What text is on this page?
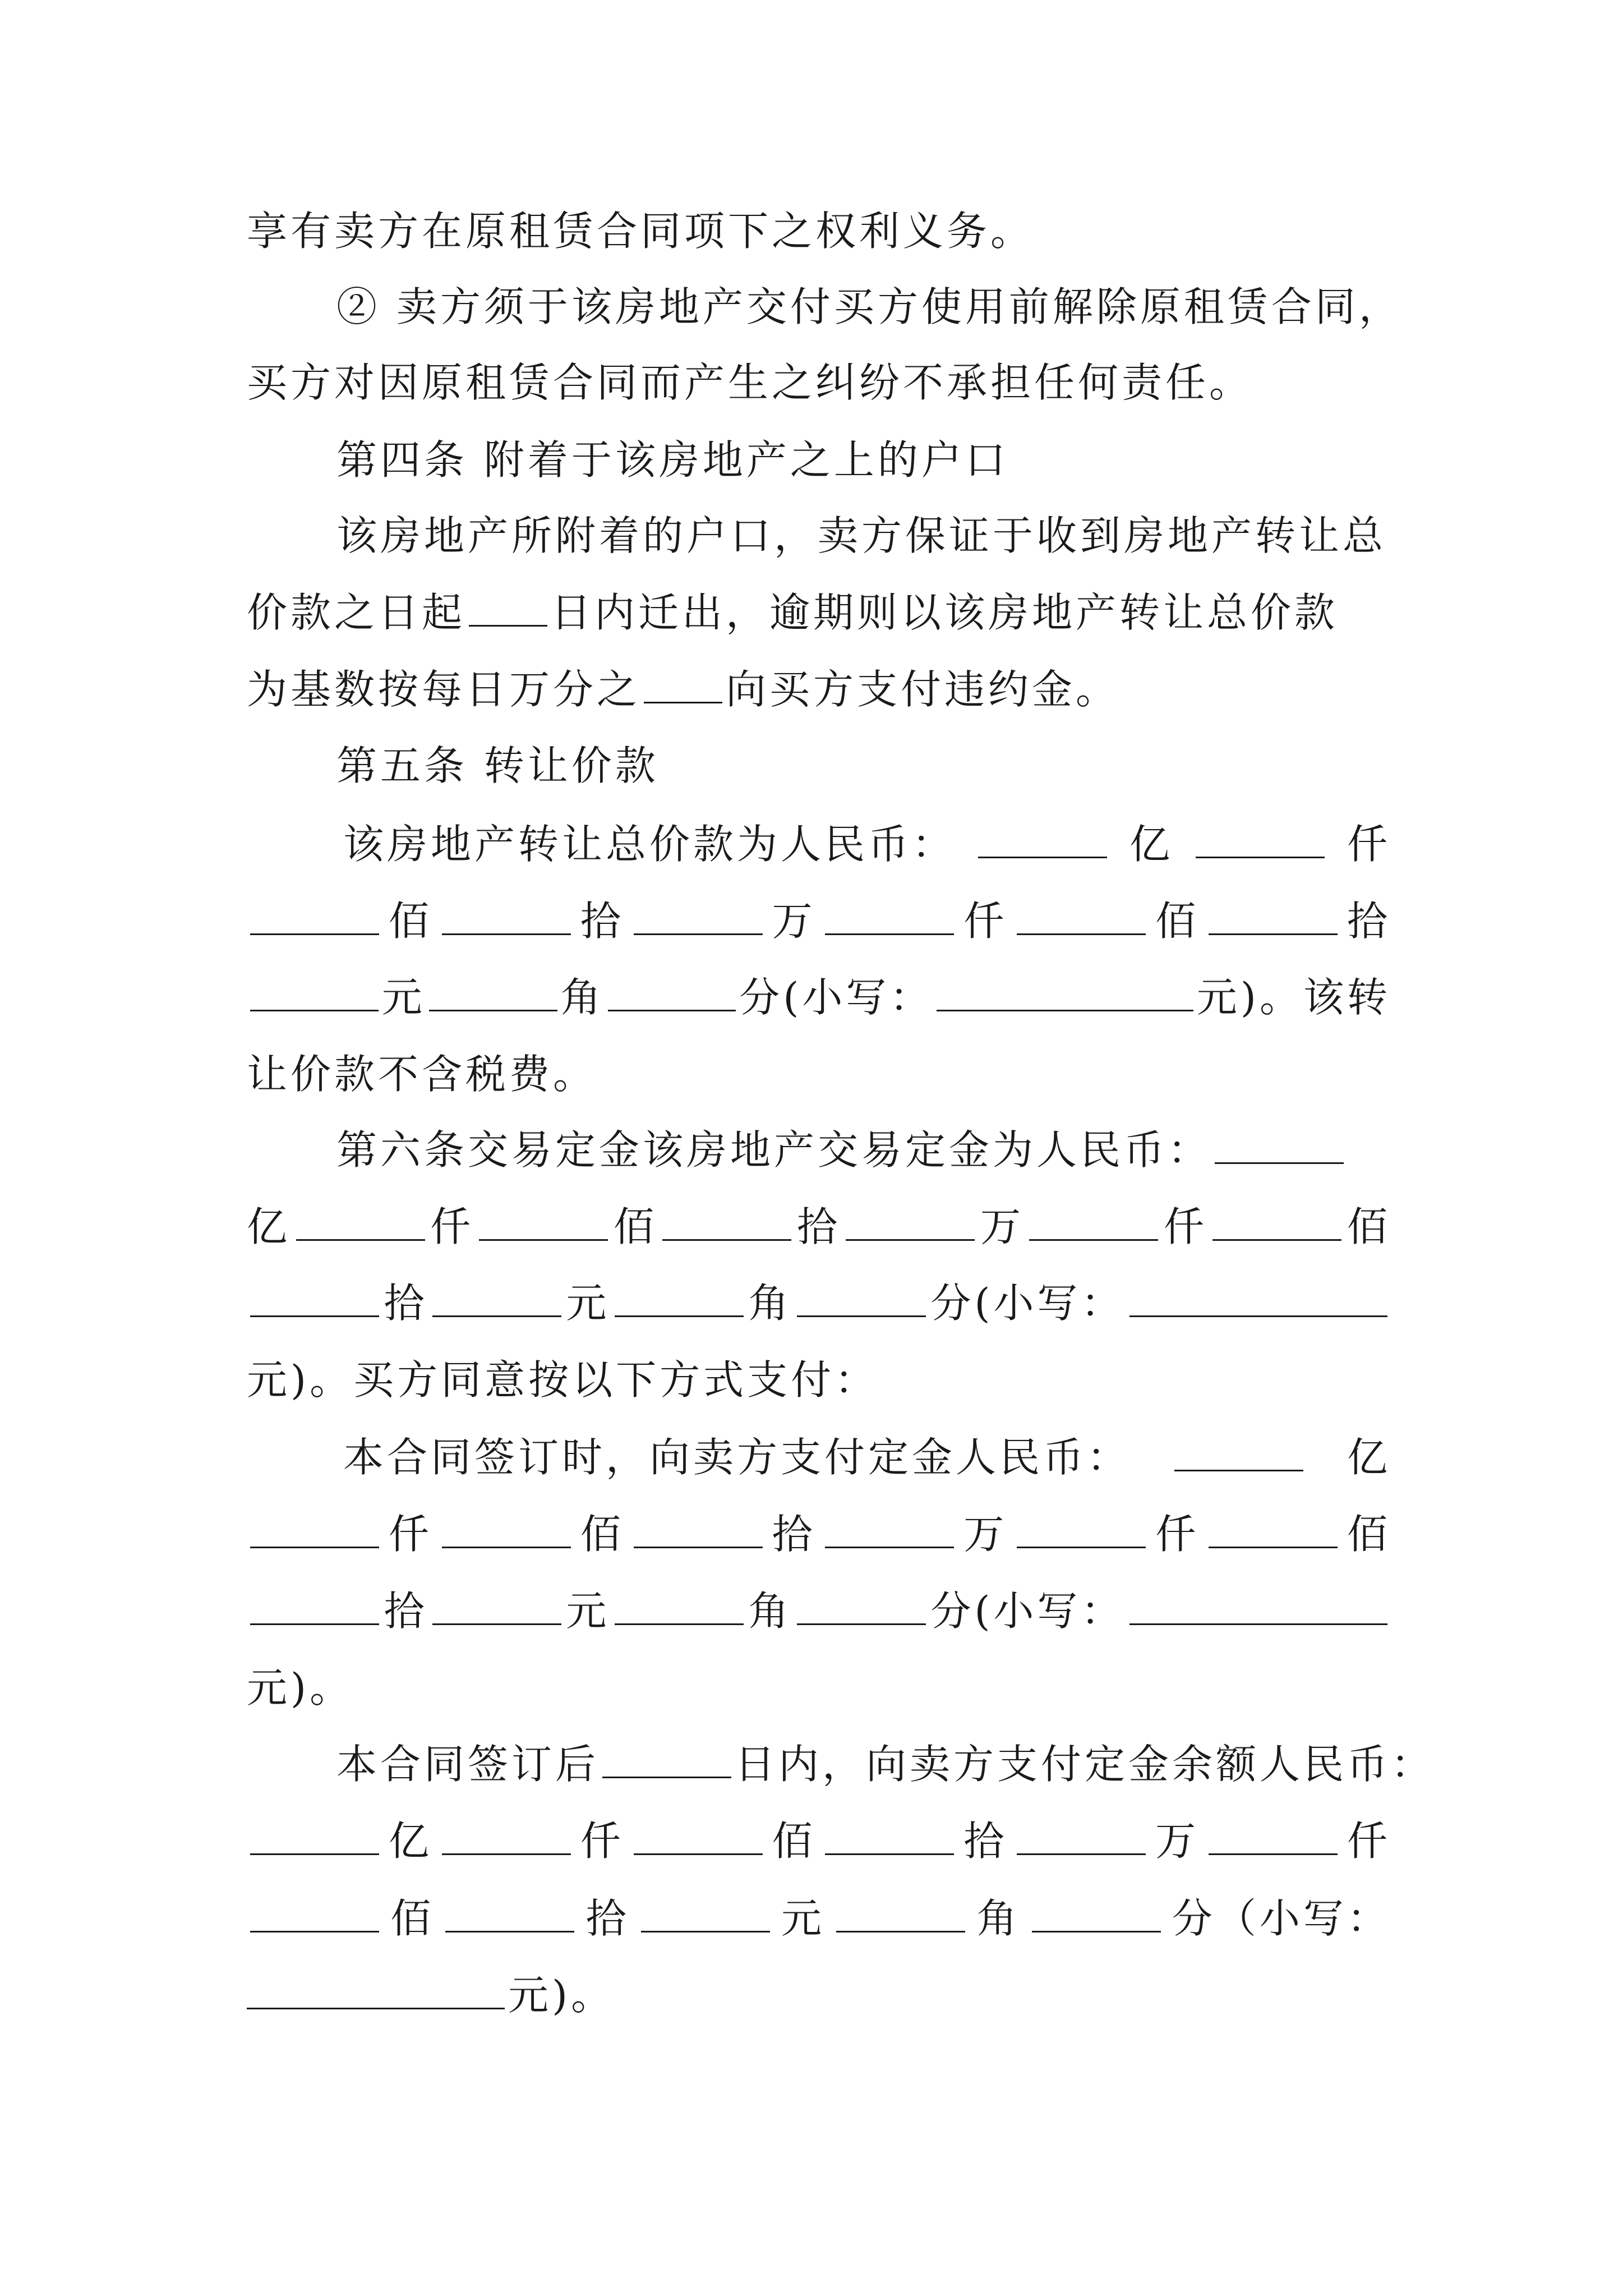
享有卖方在原租赁合同项下之权利义务。
② 卖方须于该房地产交付买方使用前解除原租赁合同，
买方对因原租赁合同而产生之纠纷不承担任何责任。
第四条 附着于该房地产之上的户口
该房地产所附着的户口，卖方保证于收到房地产转让总
价款之日起 日内迁出，逾期则以该房地产转让总价款
为基数按每日万分之 向买方支付违约金。
第五条 转让价款
该房地产转让总价款为人民币：	亿	仟
佰	拾	万	仟	佰	拾
元	角	分(小写：	元)。该转
让价款不含税费。
第六条交易定金该房地产交易定金为人民币：
亿	仟	佰	拾	万	仟	佰
拾	元	角	分(小写：
元)。买方同意按以下方式支付：
本合同签订时，向卖方支付定金人民币：	亿
仟	佰	拾	万	仟	佰
拾	元	角	分(小写：
元)。
本合同签订后	日内，向卖方支付定金余额人民币：
亿	仟	佰	拾	万	仟
佰	拾	元	角	分（小写：
元)。
